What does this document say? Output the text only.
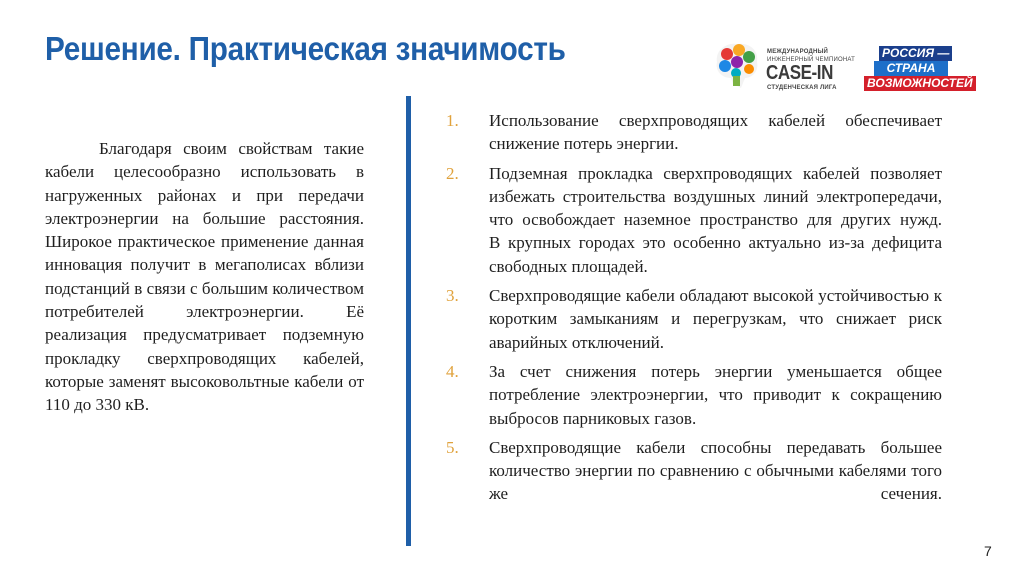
Решение. Практическая значимость	МЕЖДУНАРОДНЫЙ
ИНЖЕНЕРНЫЙ ЧЕМПИОНАТ
CASE-IN
СТУДЕНЧЕСКАЯ ЛИГА
РОССИЯ —
СТРАНА
ВОЗМОЖНОСТЕЙ

Благодаря своим свойствам такие кабели целесообразно использовать в нагруженных районах и при передачи электроэнергии на большие расстояния. Широкое практическое применение данная инновация получит в мегаполисах вблизи подстанций в связи с большим количеством потребителей электроэнергии. Её реализация предусматривает подземную прокладку сверхпроводящих кабелей, которые заменят высоковольтные кабели от 110 до 330 кВ.

1. Использование сверхпроводящих кабелей обеспечивает снижение потерь энергии.
2. Подземная прокладка сверхпроводящих кабелей позволяет избежать строительства воздушных линий электропередачи, что освобождает наземное пространство для других нужд.
В крупных городах это особенно актуально из-за дефицита свободных площадей.
3. Сверхпроводящие кабели обладают высокой устойчивостью к коротким замыканиям и перегрузкам, что снижает риск аварийных отключений.
4. За счет снижения потерь энергии уменьшается общее потребление электроэнергии, что приводит к сокращению выбросов парниковых газов.
5. Сверхпроводящие кабели способны передавать большее количество энергии по сравнению с обычными кабелями того же сечения.
7
